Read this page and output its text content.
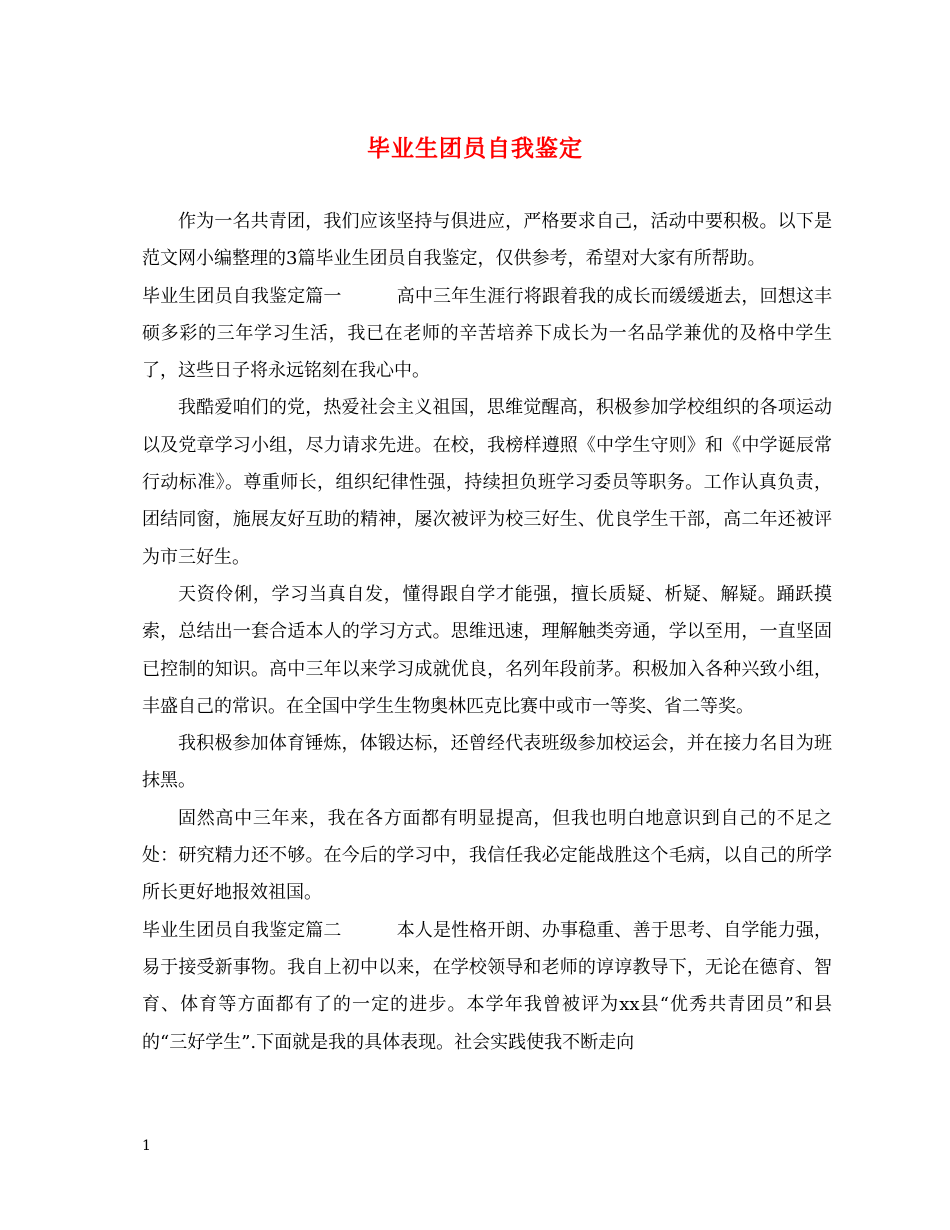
毕业生团员自我鉴定

作为一名共青团，我们应该坚持与俱进应，严格要求自己，活动中要积极。以下是范文网小编整理的3篇毕业生团员自我鉴定，仅供参考，希望对大家有所帮助。

毕业生团员自我鉴定篇一	高中三年生涯行将跟着我的成长而缓缓逝去，回想这丰硕多彩的三年学习生活，我已在老师的辛苦培养下成长为一名品学兼优的及格中学生了，这些日子将永远铭刻在我心中。

我酷爱咱们的党，热爱社会主义祖国，思维觉醒高，积极参加学校组织的各项运动以及党章学习小组，尽力请求先进。在校，我榜样遵照《中学生守则》和《中学诞辰常行动标准》。尊重师长，组织纪律性强，持续担负班学习委员等职务。工作认真负责，团结同窗，施展友好互助的精神，屡次被评为校三好生、优良学生干部，高二年还被评为市三好生。

天资伶俐，学习当真自发，懂得跟自学才能强，擅长质疑、析疑、解疑。踊跃摸索，总结出一套合适本人的学习方式。思维迅速，理解触类旁通，学以至用，一直坚固已控制的知识。高中三年以来学习成就优良，名列年段前茅。积极加入各种兴致小组，丰盛自己的常识。在全国中学生生物奥林匹克比赛中或市一等奖、省二等奖。

我积极参加体育锤炼，体锻达标，还曾经代表班级参加校运会，并在接力名目为班抹黑。

固然高中三年来，我在各方面都有明显提高，但我也明白地意识到自己的不足之处：研究精力还不够。在今后的学习中，我信任我必定能战胜这个毛病，以自己的所学所长更好地报效祖国。

毕业生团员自我鉴定篇二	本人是性格开朗、办事稳重、善于思考、自学能力强，易于接受新事物。我自上初中以来，在学校领导和老师的谆谆教导下，无论在德育、智育、体育等方面都有了的一定的进步。本学年我曾被评为xx县“优秀共青团员”和县的“三好学生”.下面就是我的具体表现。社会实践使我不断走向

1
